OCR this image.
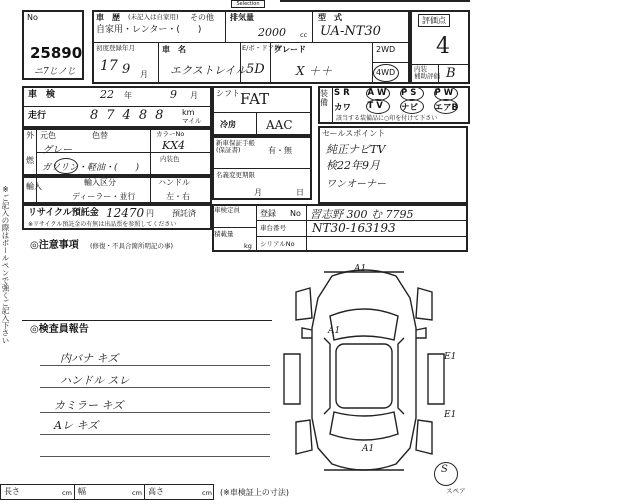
※ご記入の際はボールペンで強くご記入下さい
Selection
No
25890
ニ7じノじ
車　歴 (未記入は自家用) その他
自家用・レンター・(　　)
排気量
2000 cc
型　式
UA-NT30
初度登録年月
17 9 月
車　名
エクストレイル
E/ボ・ドア数
5D
グレード
X ＋＋
2WD
4WD
評価点
4
内装
補助評価 B
車　検	22 年	9 月
走行	87488 km
マイル
外
燃
元色	色替
グレー
カラーNo
KX4
ガソリン・軽油・(　　)
内装色
輸入	輸入区分	ハンドル
ディーラー・並行	左・右
リサイクル預託金 12470 円 預託済
※リサイクル預託金の有無は出品票を参照してください
シフト FAT
冷房	AAC
新車保証手帳
(保証書)	有・無
名義変更期限
月	日
装備
S R	A W	P S	P W
カワ	T V	ナビ	エアB
該当する装備品に○印を付けて下さい
セールスポイント
純正ナビTV
検22年9月
ワンオーナー
車検定員
積載量
kg
登録 No 習志野 300 む 7795
車台番号 NT30-163193
シリアルNo
◎注意事項 (修復・不具合箇所明記の事)
◎検査員報告
内バナ キズ
ハンドル スレ
カミラー キズ
Aレ キズ
A1
A1
E1
E1
A1
S
スペア
長さ	cm 幅	cm 高さ	cm (※車検証上の寸法)
